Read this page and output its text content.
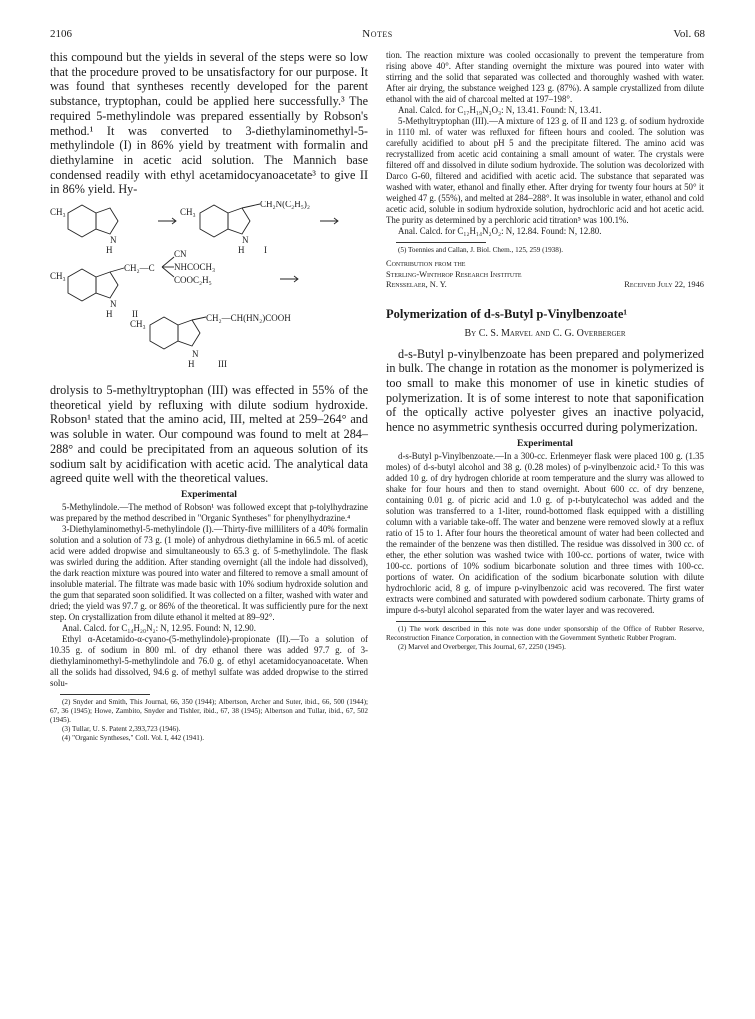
2106	Notes	Vol. 68

this compound but the yields in several of the steps were so low that the procedure proved to be unsatisfactory for our purpose. It was found that syntheses recently developed for the parent substance, tryptophan, could be applied here successfully.³ The required 5-methylindole was prepared essentially by Robson's method.¹ It was converted to 3-diethylaminomethyl-5-methylindole (I) in 86% yield by treatment with formalin and diethylamine in acetic acid solution. The Mannich base condensed readily with ethyl acetamidocyanoacetate³ to give II in 86% yield. Hy-

CH₃
N
H
CH₃
CH₂N(C₂H₅)₂
N
H I
CH₃
CH₂—C
CN
NHCOCH₃
COOC₂H₅
N
H II
CH₃
CH₂—CH(HN₂)COOH
N
H	III

drolysis to 5-methyltryptophan (III) was effected in 55% of the theoretical yield by refluxing with dilute sodium hydroxide. Robson¹ stated that the amino acid, III, melted at 259–264° and was soluble in water. Our compound was found to melt at 284–288° and could be precipitated from an aqueous solution of its sodium salt by acidification with acetic acid. The analytical data agreed quite well with the theoretical values.

Experimental

5-Methylindole.—The method of Robson¹ was followed except that p-tolylhydrazine was prepared by the method described in "Organic Syntheses" for phenylhydrazine.⁴

3-Diethylaminomethyl-5-methylindole (I).—Thirty-five milliliters of a 40% formalin solution and a solution of 73 g. (1 mole) of anhydrous diethylamine in 66.5 ml. of acetic acid were added dropwise and simultaneously to 65.3 g. of 5-methylindole. The flask was swirled during the addition. After standing overnight (all the indole had dissolved), the dark reaction mixture was poured into water and filtered to remove a small amount of insoluble material. The filtrate was made basic with 10% sodium hydroxide solution and the gum that separated soon solidified. It was collected on a filter, washed with water and dried; the yield was 97.7 g. or 86% of the theoretical. It was sufficiently pure for the next step. On crystallization from dilute ethanol it melted at 89–92°.

Anal. Calcd. for C₁₄H₂₀N₂: N, 12.95. Found: N, 12.90.

Ethyl α-Acetamido-α-cyano-(5-methylindole)-propionate (II).—To a solution of 10.35 g. of sodium in 800 ml. of dry ethanol there was added 97.7 g. of 3-diethylaminomethyl-5-methylindole and 76.0 g. of ethyl acetamidocyanoacetate. When all the solids had dissolved, 94.6 g. of methyl sulfate was added dropwise to the stirred solu-

(2) Snyder and Smith, This Journal, 66, 350 (1944); Albertson, Archer and Suter, ibid., 66, 500 (1944); 67, 36 (1945); Howe, Zambito, Snyder and Tishler, ibid., 67, 38 (1945); Albertson and Tullar, ibid., 67, 502 (1945).

(3) Tullar, U. S. Patent 2,393,723 (1946).

(4) "Organic Syntheses," Coll. Vol. I, 442 (1941).

tion. The reaction mixture was cooled occasionally to prevent the temperature from rising above 40°. After standing overnight the mixture was poured into water with stirring and the solid that separated was collected and thoroughly washed with water. After air drying, the substance weighed 123 g. (87%). A sample crystallized from dilute ethanol with the aid of charcoal melted at 197–198°.

Anal. Calcd. for C₁₇H₁₉N₃O₃: N, 13.41. Found: N, 13.41.

5-Methyltryptophan (III).—A mixture of 123 g. of II and 123 g. of sodium hydroxide in 1110 ml. of water was refluxed for fifteen hours and cooled. The solution was carefully acidified to about pH 5 and the precipitate filtered. The amino acid was recrystallized from acetic acid containing a small amount of water. The crystals were filtered off and dissolved in dilute sodium hydroxide. The solution was decolorized with Darco G-60, filtered and acidified with acetic acid. The substance that separated was washed with water, ethanol and finally ether. After drying for twenty four hours at 50° it weighed 47 g. (55%), and melted at 284–288°. It was insoluble in water, ethanol and cold acetic acid, soluble in sodium hydroxide solution, hydrochloric acid and hot acetic acid. The purity as determined by a perchloric acid titration⁵ was 100.1%.

Anal. Calcd. for C₁₂H₁₄N₂O₂: N, 12.84. Found: N, 12.80.

(5) Toennies and Callan, J. Biol. Chem., 125, 259 (1938).

Contribution from the
Sterling-Winthrop Research Institute
Rensselaer, N. Y.	Received July 22, 1946
Polymerization of d-s-Butyl p-Vinylbenzoate¹
By C. S. Marvel and C. G. Overberger

d-s-Butyl p-vinylbenzoate has been prepared and polymerized in bulk. The change in rotation as the monomer is polymerized is too small to make this monomer of use in kinetic studies of polymerization. It is of some interest to note that saponification of the optically active polyester gives an inactive polyacid, hence no asymmetric synthesis occurred during polymerization.

Experimental

d-s-Butyl p-Vinylbenzoate.—In a 300-cc. Erlenmeyer flask were placed 100 g. (1.35 moles) of d-s-butyl alcohol and 38 g. (0.28 moles) of p-vinylbenzoic acid.² To this was added 10 g. of dry hydrogen chloride at room temperature and the slurry was allowed to shake for four hours and then to stand overnight. About 600 cc. of dry benzene, containing 0.01 g. of picric acid and 1.0 g. of p-t-butylcatechol was added and the solution was transferred to a 1-liter, round-bottomed flask equipped with a distilling column with a variable take-off. The water and benzene were removed slowly at a reflux ratio of 15 to 1. After four hours the theoretical amount of water had been collected and the remainder of the benzene was then distilled. The residue was dissolved in 300 cc. of ether, the ether solution was washed twice with 100-cc. portions of water, twice with 100-cc. portions of 10% sodium bicarbonate solution and three times with 100-cc. portions of water. On acidification of the sodium bicarbonate solution with dilute hydrochloric acid, 8 g. of impure p-vinylbenzoic acid was recovered. The first water extracts were combined and saturated with powdered sodium carbonate. Thirty grams of impure d-s-butyl alcohol separated from the water layer and was recovered.

(1) The work described in this note was done under sponsorship of the Office of Rubber Reserve, Reconstruction Finance Corporation, in connection with the Government Synthetic Rubber Program.

(2) Marvel and Overberger, This Journal, 67, 2250 (1945).
